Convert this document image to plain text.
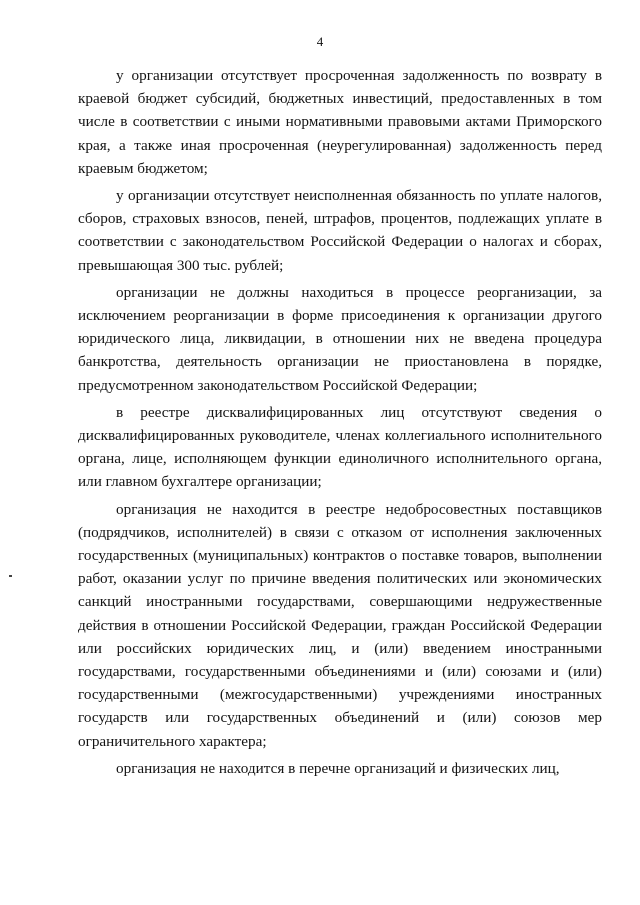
4

у организации отсутствует просроченная задолженность по возврату в краевой бюджет субсидий, бюджетных инвестиций, предоставленных в том числе в соответствии с иными нормативными правовыми актами Приморского края, а также иная просроченная (неурегулированная) задолженность перед краевым бюджетом;

у организации отсутствует неисполненная обязанность по уплате налогов, сборов, страховых взносов, пеней, штрафов, процентов, подлежащих уплате в соответствии с законодательством Российской Федерации о налогах и сборах, превышающая 300 тыс. рублей;

организации не должны находиться в процессе реорганизации, за исключением реорганизации в форме присоединения к организации другого юридического лица, ликвидации, в отношении них не введена процедура банкротства, деятельность организации не приостановлена в порядке, предусмотренном законодательством Российской Федерации;

в реестре дисквалифицированных лиц отсутствуют сведения о дисквалифицированных руководителе, членах коллегиального исполнительного органа, лице, исполняющем функции единоличного исполнительного органа, или главном бухгалтере организации;

организация не находится в реестре недобросовестных поставщиков (подрядчиков, исполнителей) в связи с отказом от исполнения заключенных государственных (муниципальных) контрактов о поставке товаров, выполнении работ, оказании услуг по причине введения политических или экономических санкций иностранными государствами, совершающими недружественные действия в отношении Российской Федерации, граждан Российской Федерации или российских юридических лиц, и (или) введением иностранными государствами, государственными объединениями и (или) союзами и (или) государственными (межгосударственными) учреждениями иностранных государств или государственных объединений и (или) союзов мер ограничительного характера;

организация не находится в перечне организаций и физических лиц,
